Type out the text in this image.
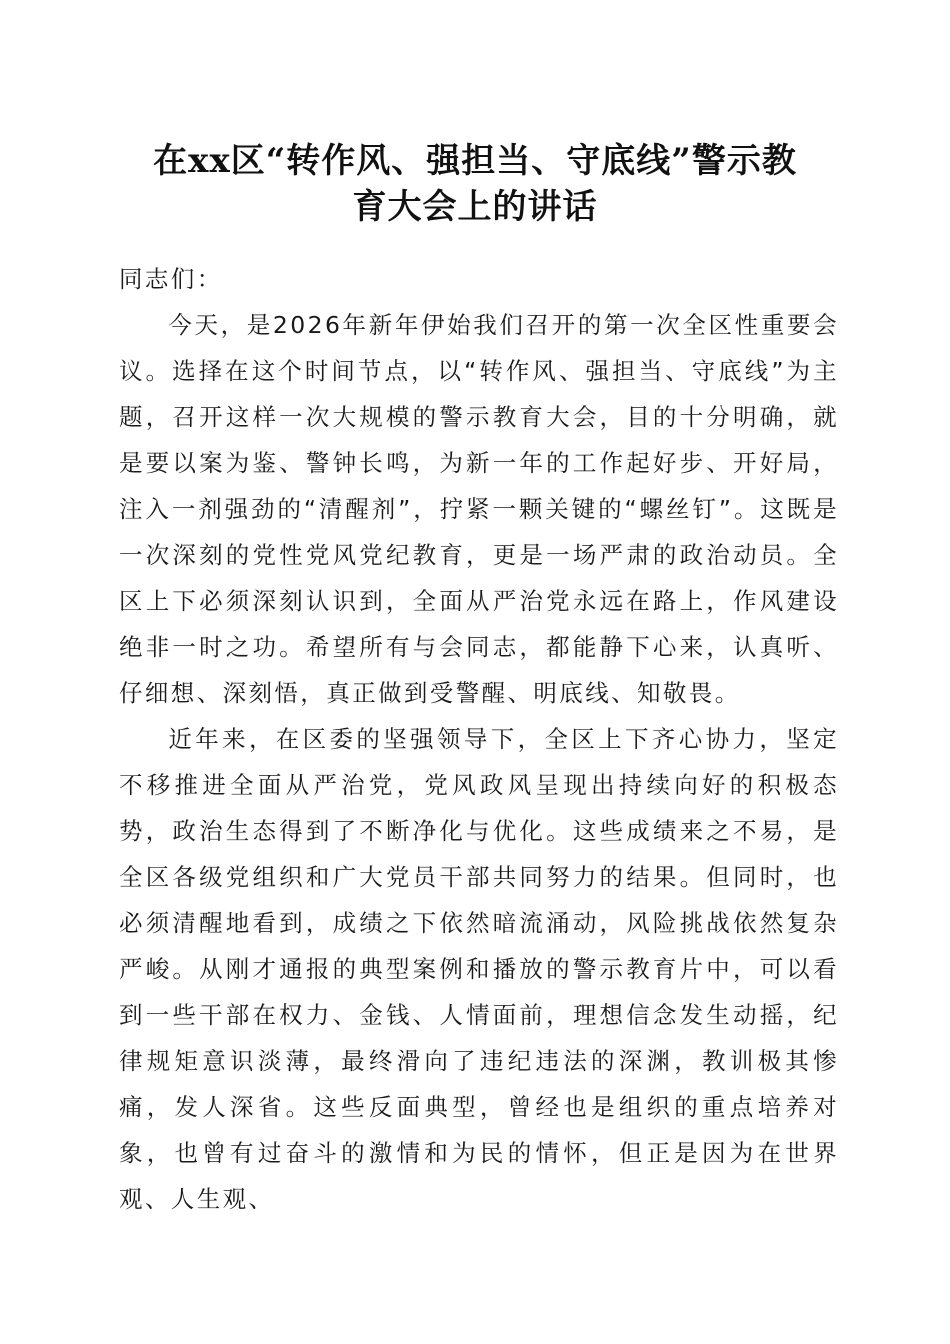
在xx区“转作风、强担当、守底线”警示教
育大会上的讲话

同志们：

今天，是2026年新年伊始我们召开的第一次全区性重要会议。选择在这个时间节点，以“转作风、强担当、守底线”为主题，召开这样一次大规模的警示教育大会，目的十分明确，就是要以案为鉴、警钟长鸣，为新一年的工作起好步、开好局，注入一剂强劲的“清醒剂”，拧紧一颗关键的“螺丝钉”。这既是一次深刻的党性党风党纪教育，更是一场严肃的政治动员。全区上下必须深刻认识到，全面从严治党永远在路上，作风建设绝非一时之功。希望所有与会同志，都能静下心来，认真听、仔细想、深刻悟，真正做到受警醒、明底线、知敬畏。

近年来，在区委的坚强领导下，全区上下齐心协力，坚定不移推进全面从严治党，党风政风呈现出持续向好的积极态势，政治生态得到了不断净化与优化。这些成绩来之不易，是全区各级党组织和广大党员干部共同努力的结果。但同时，也必须清醒地看到，成绩之下依然暗流涌动，风险挑战依然复杂严峻。从刚才通报的典型案例和播放的警示教育片中，可以看到一些干部在权力、金钱、人情面前，理想信念发生动摇，纪律规矩意识淡薄，最终滑向了违纪违法的深渊，教训极其惨痛，发人深省。这些反面典型，曾经也是组织的重点培养对象，也曾有过奋斗的激情和为民的情怀，但正是因为在世界观、人生观、
